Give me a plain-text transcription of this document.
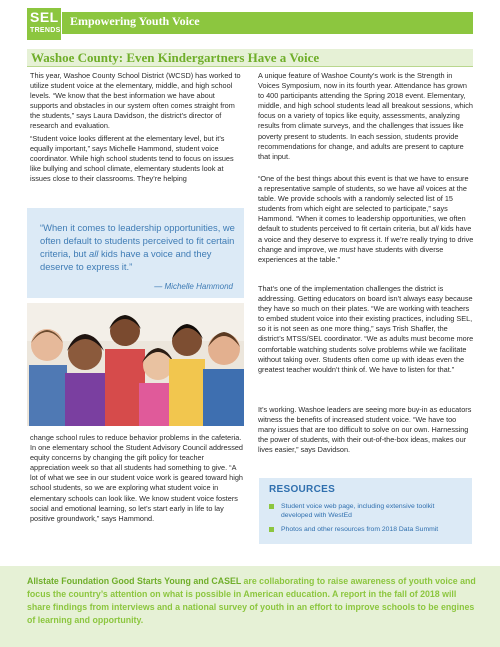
SEL
TRENDS
Empowering Youth Voice
Washoe County: Even Kindergartners Have a Voice

This year, Washoe County School District (WCSD) has worked to utilize student voice at the elementary, middle, and high school levels. “We know that the best information we have about supports and obstacles in our system often comes straight from the students,” says Laura Davidson, the district’s director of research and evaluation.

“Student voice looks different at the elementary level, but it’s equally important,” says Michelle Hammond, student voice coordinator. While high school students tend to focus on issues like bullying and school climate, elementary students look at issues close to their classrooms. They’re helping

“When it comes to leadership opportunities, we often default to students perceived to fit certain criteria, but all kids have a voice and they deserve to express it.”

— Michelle Hammond

change school rules to reduce behavior problems in the cafeteria. In one elementary school the Student Advisory Council addressed equity concerns by changing the gift policy for teacher appreciation week so that all students had something to give. “A lot of what we see in our student voice work is geared toward high school students, so we are exploring what student voice in elementary schools can look like. We know student voice fosters social and emotional learning, so let’s start early in life to lay positive groundwork,” says Hammond.

A unique feature of Washoe County’s work is the Strength in Voices Symposium, now in its fourth year. Attendance has grown to 400 participants attending the Spring 2018 event. Elementary, middle, and high school students lead all breakout sessions, which focus on a variety of topics like equity, assessments, analyzing results from climate surveys, and the challenges that issues like poverty present to students. In each session, students provide recommendations for change, and adults are present to capture that input.

“One of the best things about this event is that we have to ensure a representative sample of students, so we have all voices at the table. We provide schools with a randomly selected list of 15 students from which eight are selected to participate,” says Hammond. “When it comes to leadership opportunities, we often default to students perceived to fit certain criteria, but all kids have a voice and they deserve to express it. If we’re really trying to drive change and improve, we must have students with diverse experiences at the table.”

That’s one of the implementation challenges the district is addressing. Getting educators on board isn’t always easy because they have so much on their plates. “We are working with teachers to embed student voice into their existing practices, including SEL, so it is not seen as one more thing,” says Trish Shaffer, the district’s MTSS/SEL coordinator. “We as adults must become more comfortable watching students solve problems while we facilitate without taking over. Students often come up with ideas even the greatest teacher wouldn’t think of. We have to listen for that.”

It’s working. Washoe leaders are seeing more buy-in as educators witness the benefits of increased student voice. “We have too many issues that are too difficult to solve on our own. Harnessing the power of students, with their out-of-the-box ideas, makes our lives easier,” says Davidson.

RESOURCES
Student voice web page, including extensive toolkit developed with WestEd
Photos and other resources from 2018 Data Summit

Allstate Foundation Good Starts Young and CASEL are collaborating to raise awareness of youth voice and focus the country’s attention on what is possible in American education. A report in the fall of 2018 will share findings from interviews and a national survey of youth in an effort to improve schools to be engines of learning and opportunity.
